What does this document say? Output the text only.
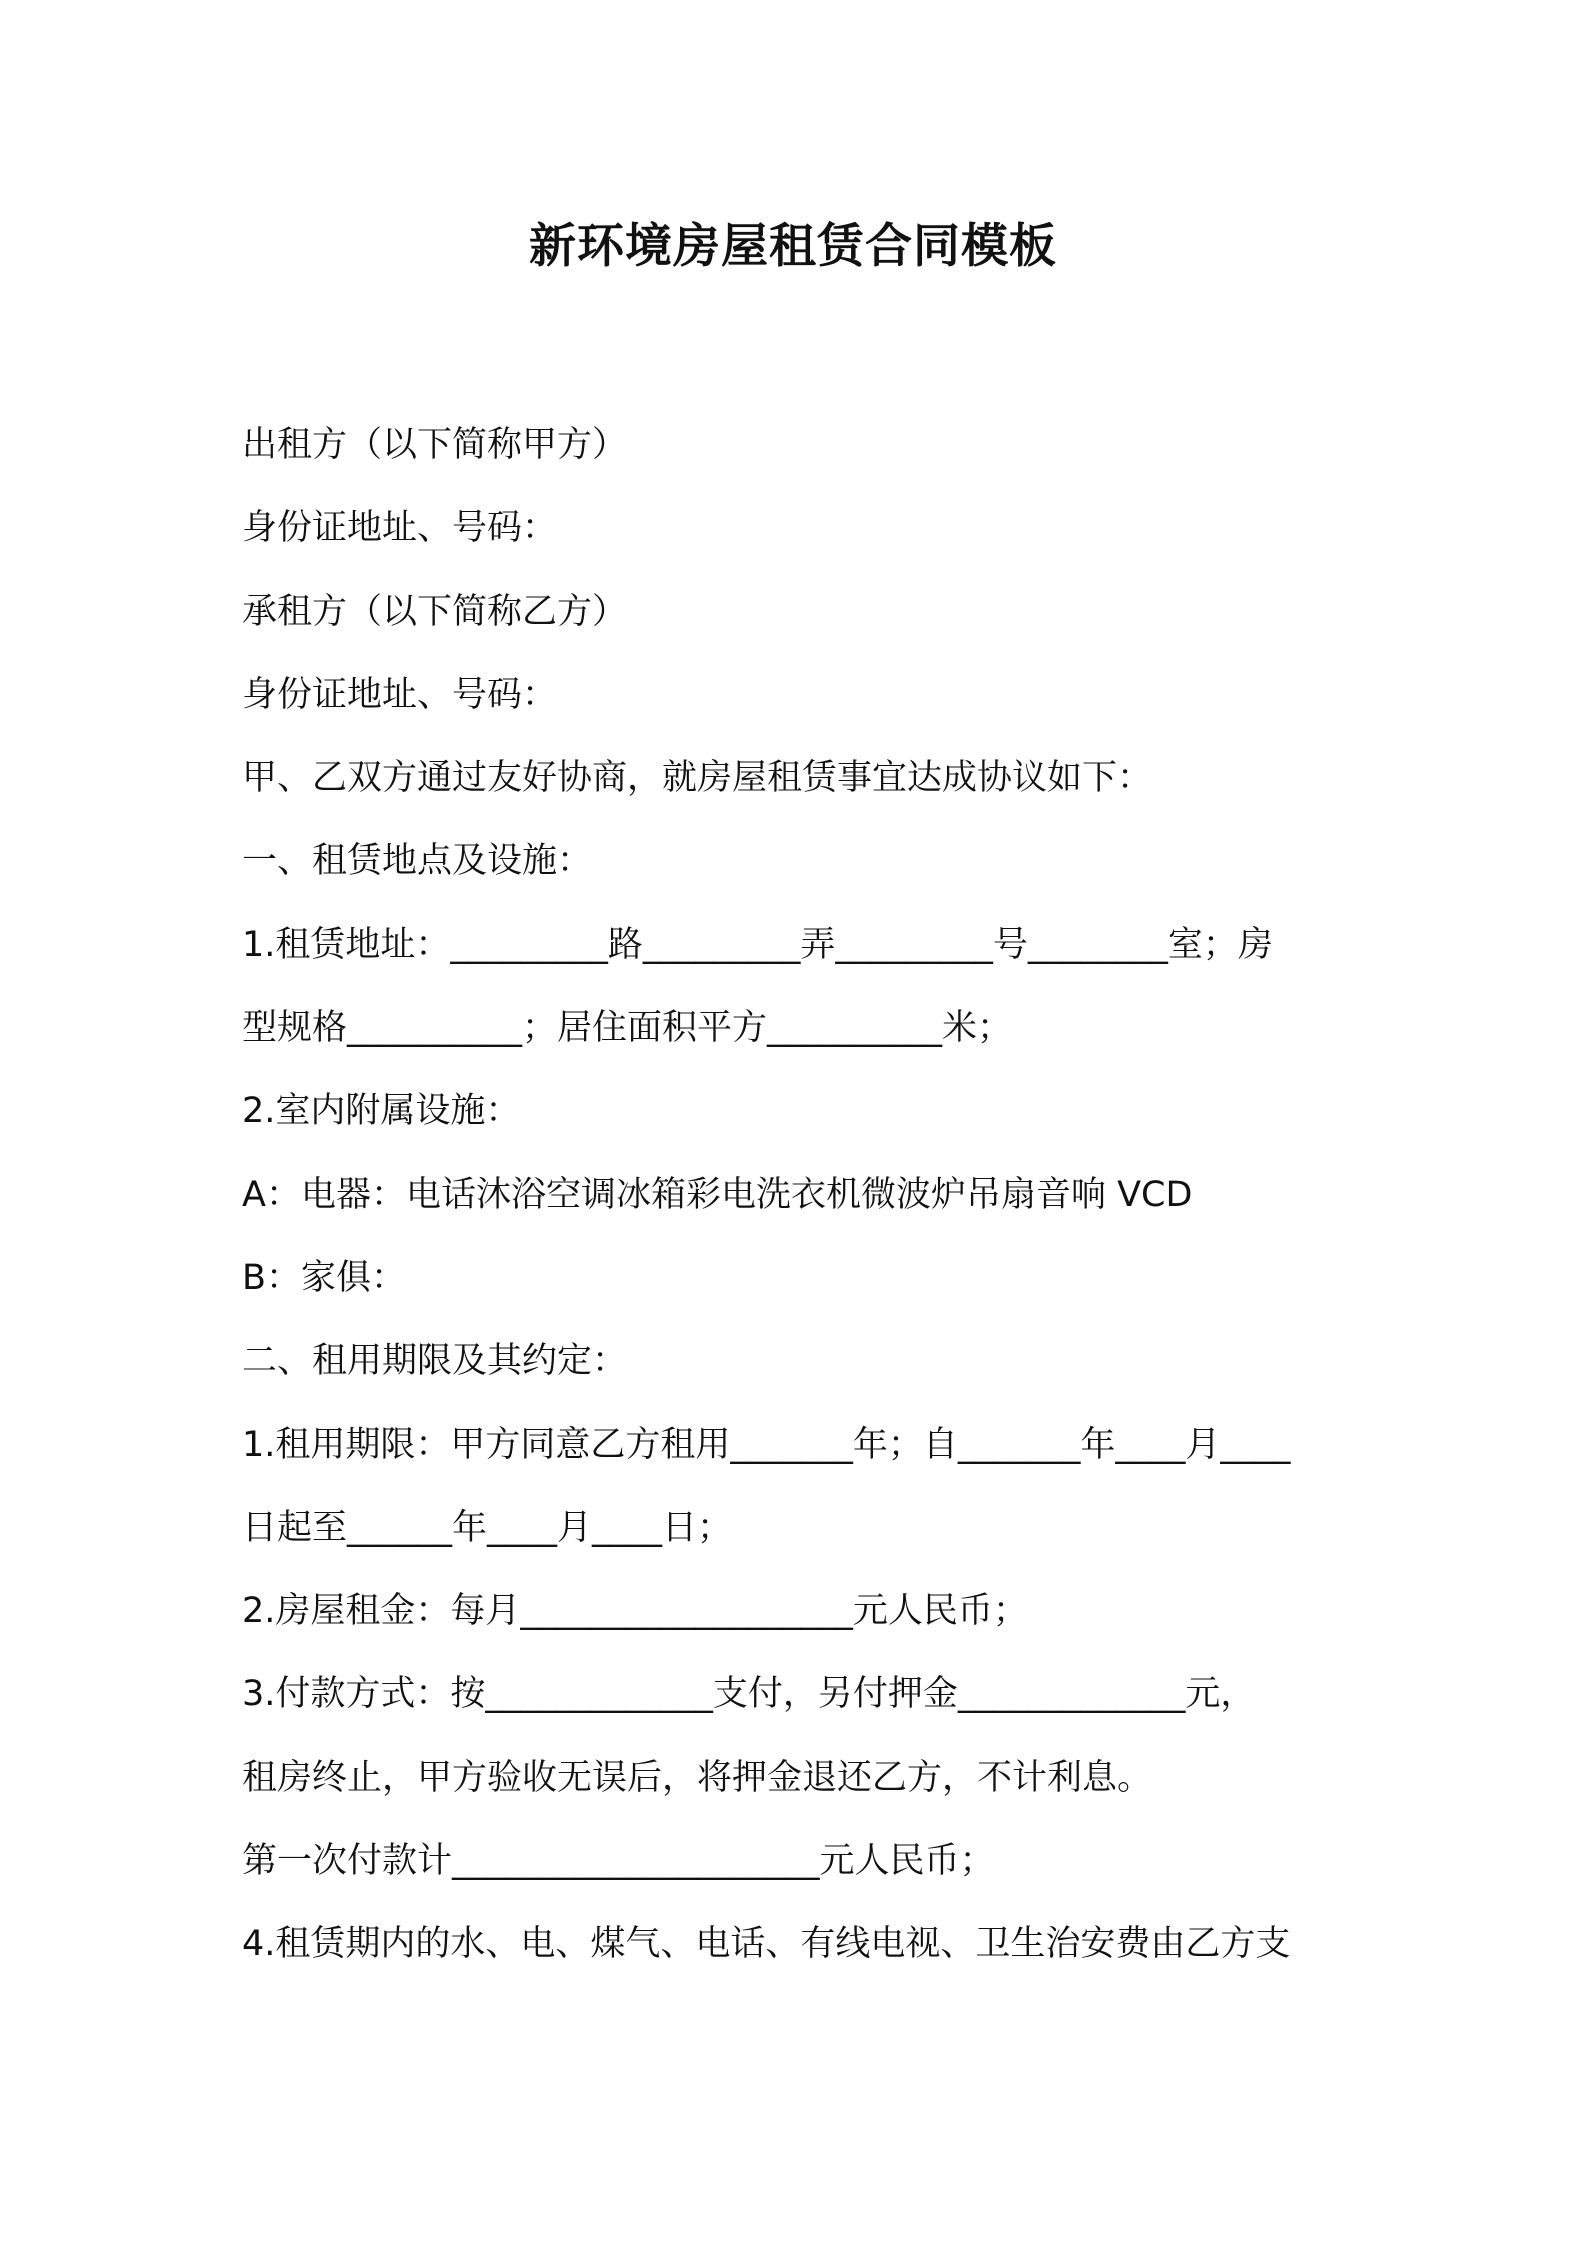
新环境房屋租赁合同模板
出租方（以下简称甲方）
身份证地址、号码：
承租方（以下简称乙方）
身份证地址、号码：
甲、乙双方通过友好协商，就房屋租赁事宜达成协议如下：
一、租赁地点及设施：
1.租赁地址：_________路_________弄_________号________室；房
型规格__________；居住面积平方__________米；
2.室内附属设施：
A：电器：电话沐浴空调冰箱彩电洗衣机微波炉吊扇音响 VCD
B：家俱：
二、租用期限及其约定：
1.租用期限：甲方同意乙方租用_______年；自_______年____月____
日起至______年____月____日；
2.房屋租金：每月___________________元人民币；
3.付款方式：按_____________支付，另付押金_____________元，
租房终止，甲方验收无误后，将押金退还乙方，不计利息。
第一次付款计_____________________元人民币；
4.租赁期内的水、电、煤气、电话、有线电视、卫生治安费由乙方支
